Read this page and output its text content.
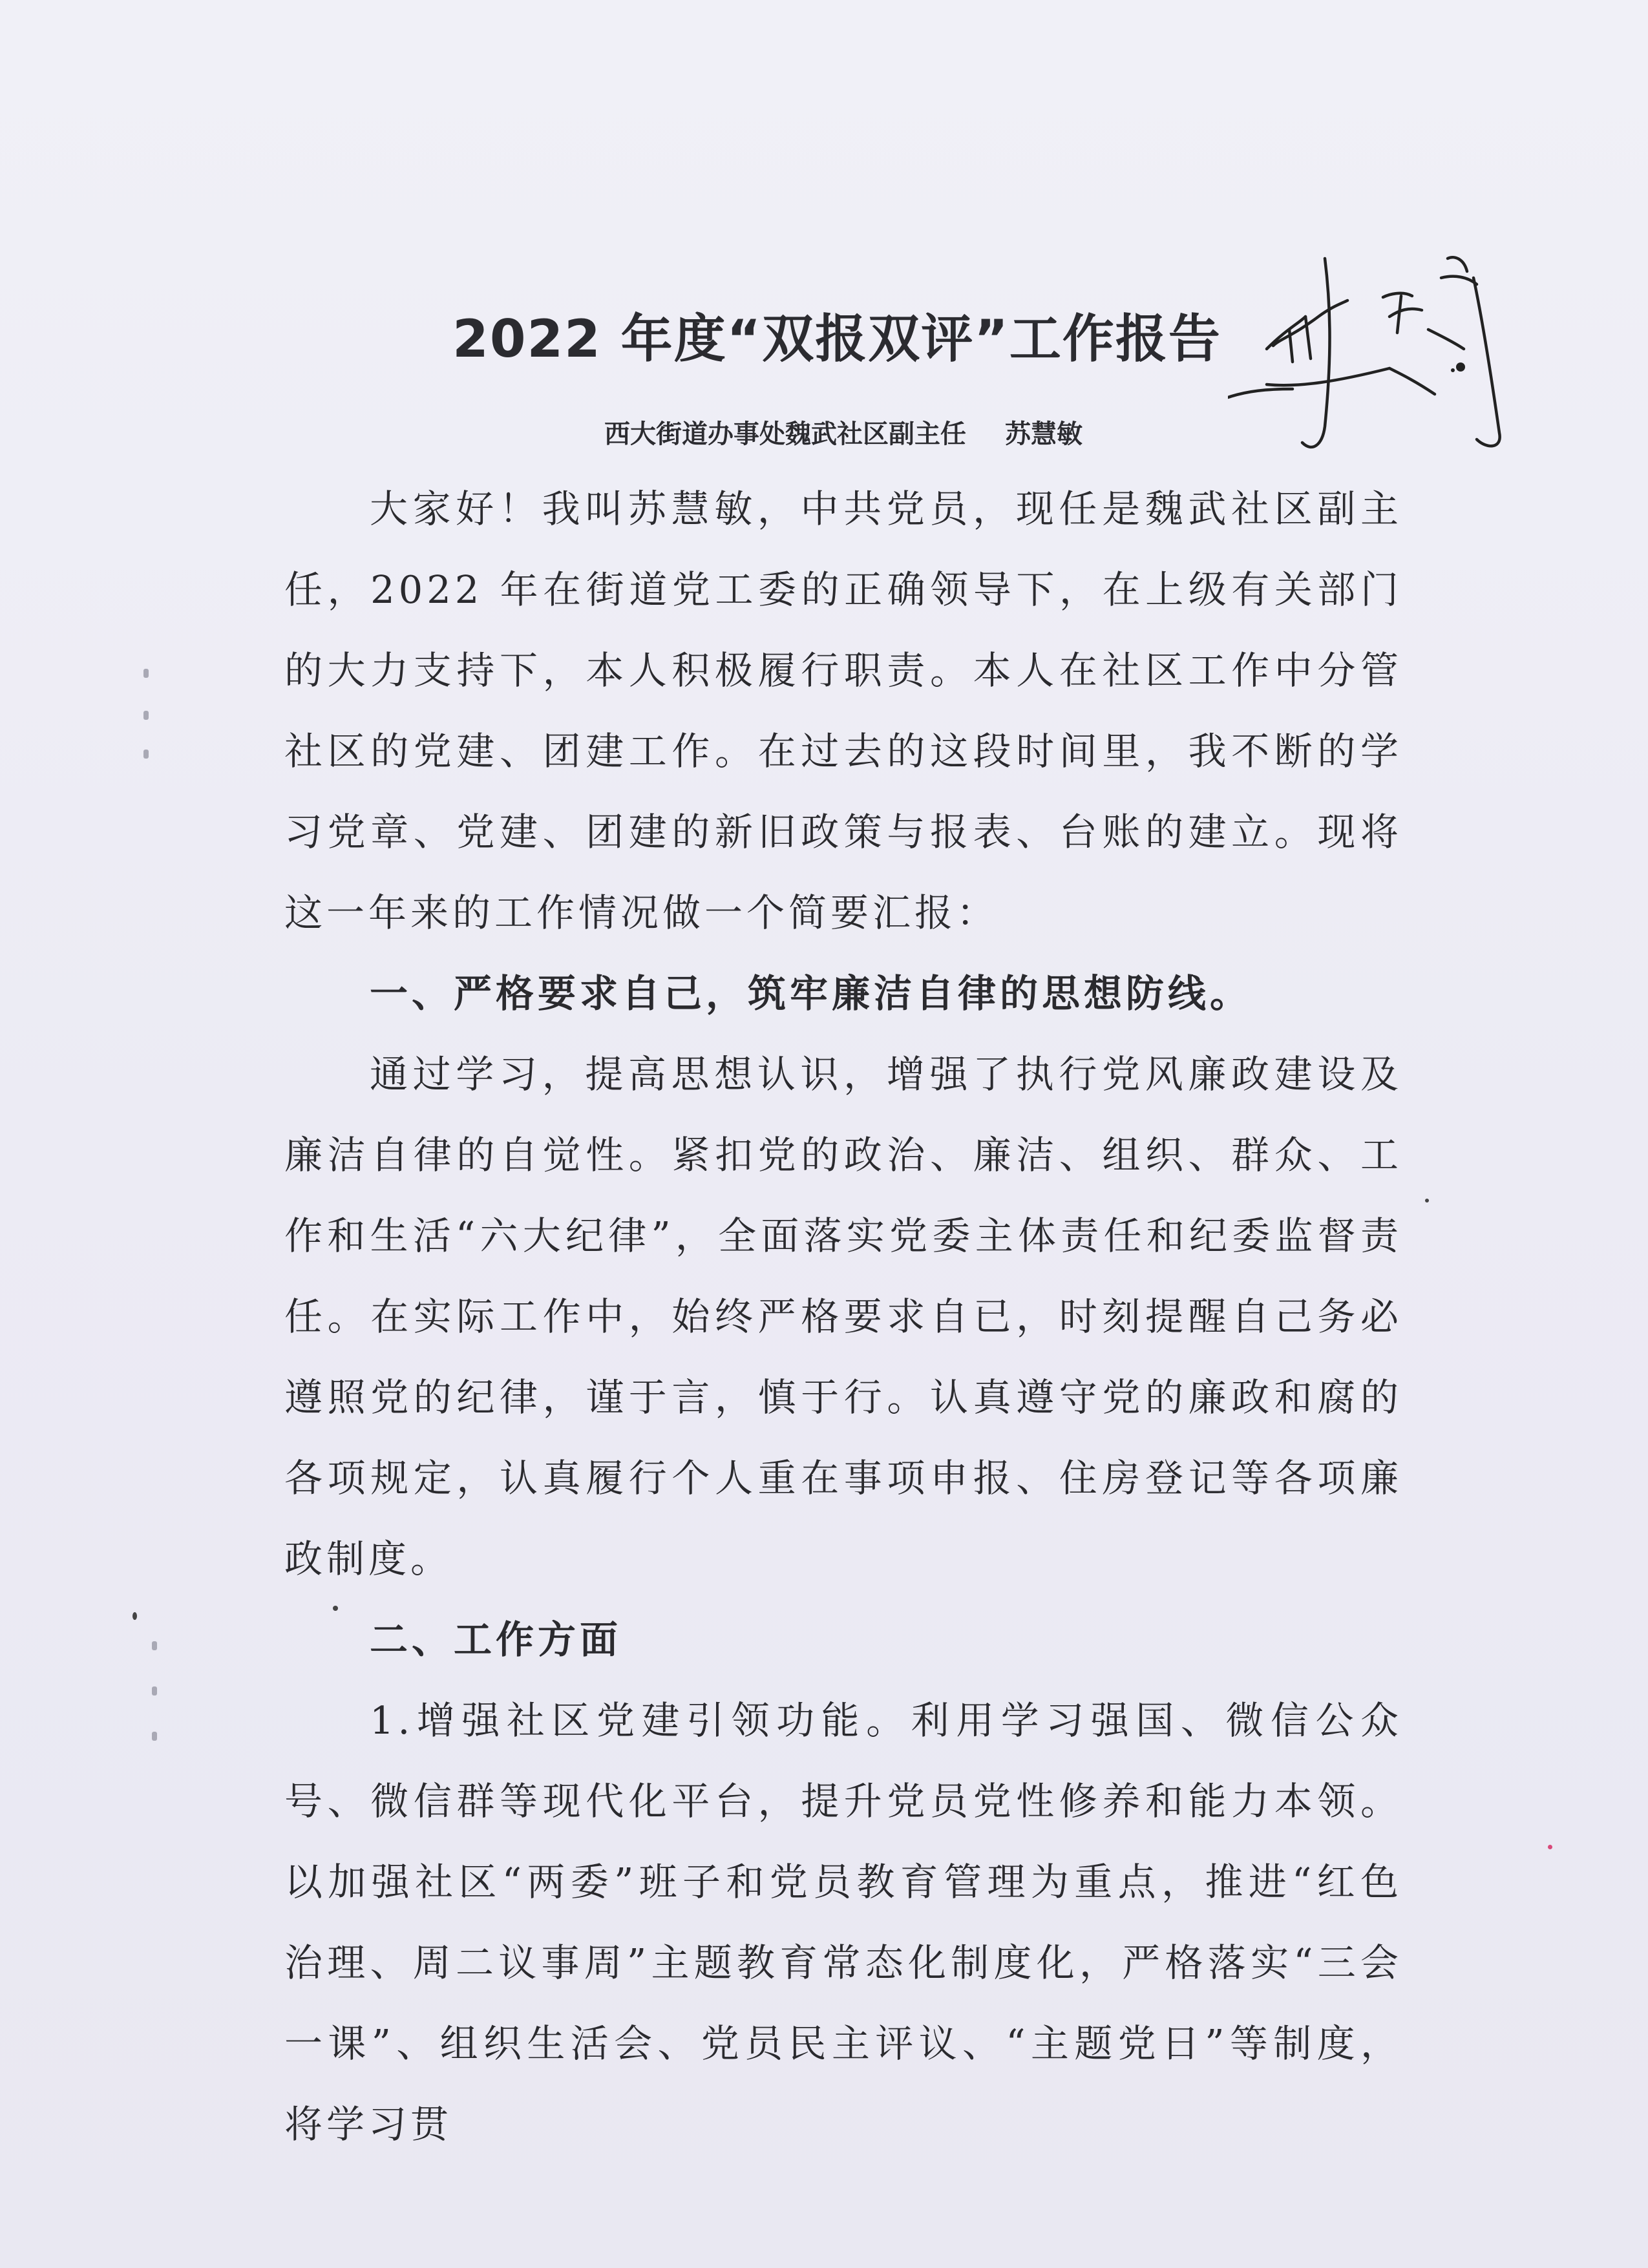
2022 年度“双报双评”工作报告
西大街道办事处魏武社区副主任 苏慧敏

大家好！我叫苏慧敏，中共党员，现任是魏武社区副主任，2022 年在街道党工委的正确领导下，在上级有关部门的大力支持下，本人积极履行职责。本人在社区工作中分管社区的党建、团建工作。在过去的这段时间里，我不断的学习党章、党建、团建的新旧政策与报表、台账的建立。现将这一年来的工作情况做一个简要汇报：

一、严格要求自己，筑牢廉洁自律的思想防线。

通过学习，提高思想认识，增强了执行党风廉政建设及廉洁自律的自觉性。紧扣党的政治、廉洁、组织、群众、工作和生活“六大纪律”，全面落实党委主体责任和纪委监督责任。在实际工作中，始终严格要求自已，时刻提醒自己务必遵照党的纪律，谨于言，慎于行。认真遵守党的廉政和腐的各项规定，认真履行个人重在事项申报、住房登记等各项廉政制度。

二、工作方面

1.增强社区党建引领功能。利用学习强国、微信公众号、微信群等现代化平台，提升党员党性修养和能力本领。以加强社区“两委”班子和党员教育管理为重点，推进“红色治理、周二议事周”主题教育常态化制度化，严格落实“三会一课”、组织生活会、党员民主评议、“主题党日”等制度，将学习贯
